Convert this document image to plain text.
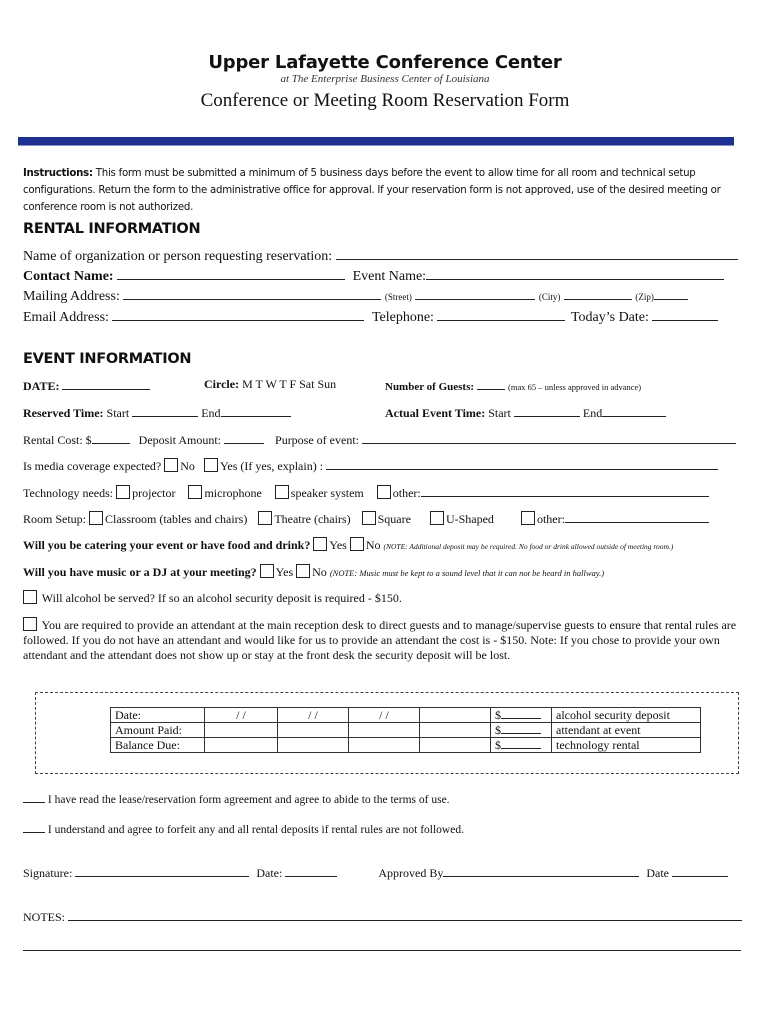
Upper Lafayette Conference Center
at The Enterprise Business Center of Louisiana
Conference or Meeting Room Reservation Form
Instructions: This form must be submitted a minimum of 5 business days before the event to allow time for all room and technical setup configurations. Return the form to the administrative office for approval. If your reservation form is not approved, use of the desired meeting or conference room is not authorized.
RENTAL INFORMATION
Name of organization or person requesting reservation:
Contact Name:	Event Name:
Mailing Address:	(Street)	(City)	(Zip)
Email Address:	Telephone:	Today’s Date:
EVENT INFORMATION
DATE:	Circle: M T W T F Sat Sun	Number of Guests:	(max 65 – unless approved in advance)
Reserved Time: Start	End	Actual Event Time: Start	End
Rental Cost: $	Deposit Amount:	Purpose of event:
Is media coverage expected? No Yes (If yes, explain) :
Technology needs: projector microphone speaker system other:
Room Setup: Classroom (tables and chairs) Theatre (chairs) Square	U-Shaped	other:
Will you be catering your event or have food and drink? Yes No (NOTE: Additional deposit may be required. No food or drink allowed outside of meeting room.)
Will you have music or a DJ at your meeting? Yes No (NOTE: Music must be kept to a sound level that it can not be heard in hallway.)
Will alcohol be served? If so an alcohol security deposit is required - $150.
You are required to provide an attendant at the main reception desk to direct guests and to manage/supervise guests to ensure that rental rules are followed. If you do not have an attendant and would like for us to provide an attendant the cost is - $150. Note: If you chose to provide your own attendant and the attendant does not show up or stay at the front desk the security deposit will be lost.
Date:	/ /	/ /	/ /		$	alcohol security deposit
Amount Paid:					$	attendant at event
Balance Due:					$	technology rental
I have read the lease/reservation form agreement and agree to abide to the terms of use.
I understand and agree to forfeit any and all rental deposits if rental rules are not followed.
Signature:	Date:	Approved By	Date
NOTES:
